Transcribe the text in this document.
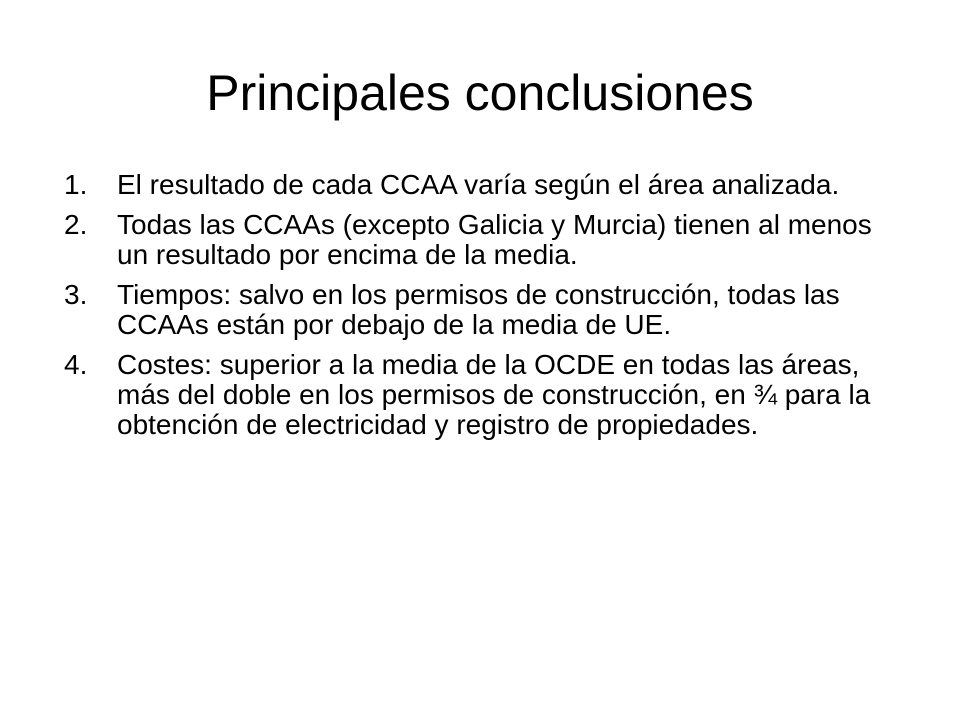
Principales conclusiones
1.	El resultado de cada CCAA varía según el área analizada.
2.	Todas las CCAAs (excepto Galicia y Murcia) tienen al menos un resultado por encima de la media.
3.	Tiempos: salvo en los permisos de construcción, todas las CCAAs están por debajo de la media de UE.
4.	Costes: superior a la media de la OCDE en todas las áreas, más del doble en los permisos de construcción, en ¾ para la obtención de electricidad y registro de propiedades.
